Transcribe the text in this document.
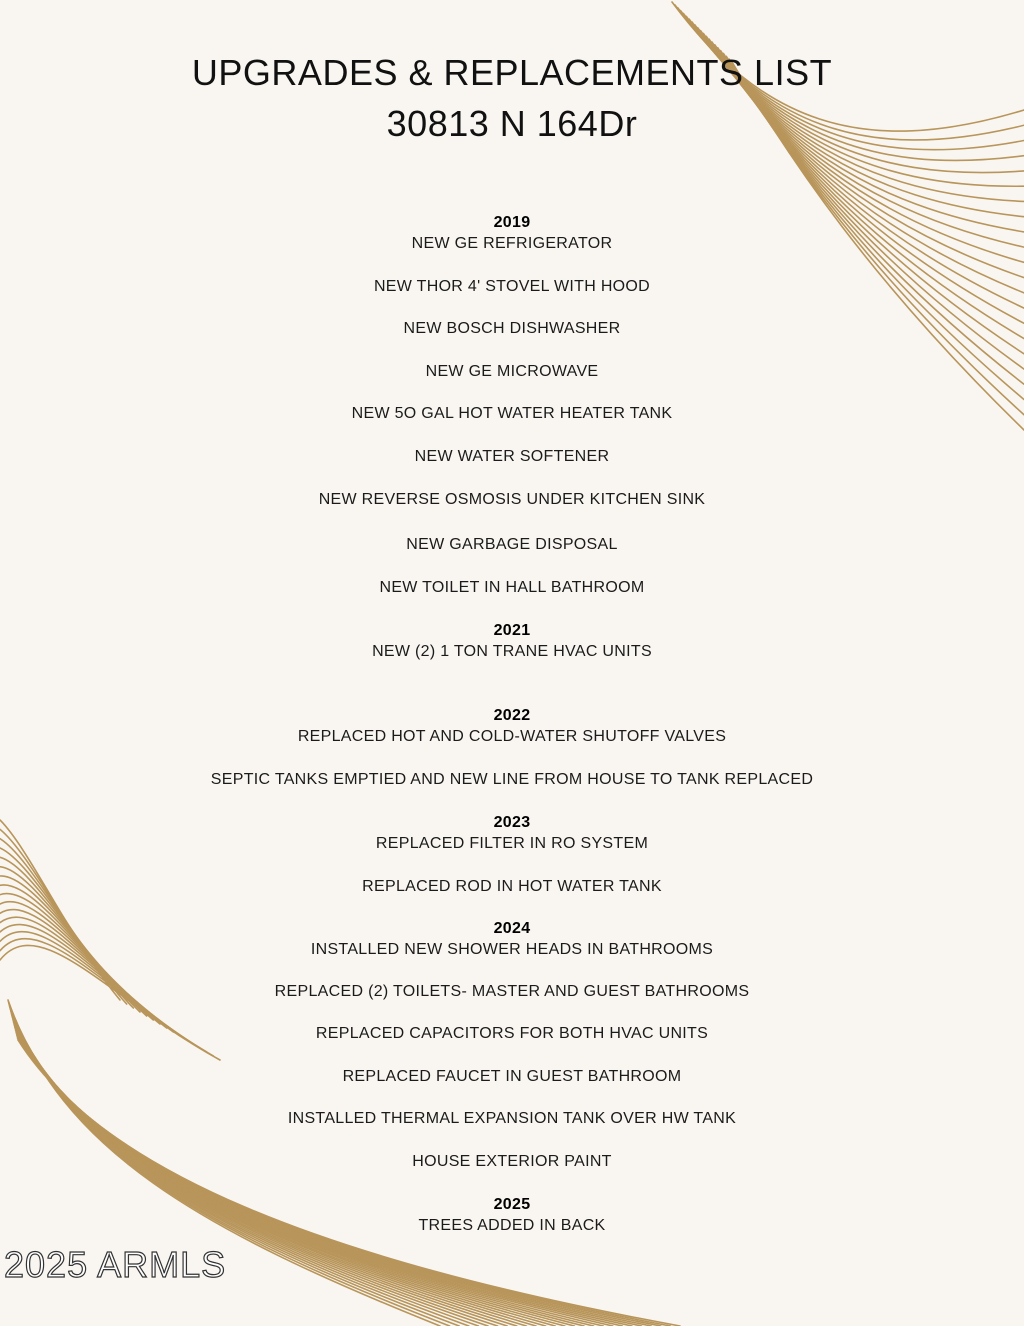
UPGRADES & REPLACEMENTS LIST
30813 N 164Dr
2019
NEW GE REFRIGERATOR
NEW THOR 4' STOVEL WITH HOOD
NEW BOSCH DISHWASHER
NEW GE MICROWAVE
NEW 5O GAL HOT WATER HEATER TANK
NEW WATER SOFTENER
NEW REVERSE OSMOSIS UNDER KITCHEN SINK
NEW GARBAGE DISPOSAL
NEW TOILET IN HALL BATHROOM
2021
NEW (2) 1 TON TRANE HVAC UNITS
2022
REPLACED HOT AND COLD-WATER SHUTOFF VALVES
SEPTIC TANKS EMPTIED AND NEW LINE FROM HOUSE TO TANK REPLACED
2023
REPLACED FILTER IN RO SYSTEM
REPLACED ROD IN HOT WATER TANK
2024
INSTALLED NEW SHOWER HEADS IN BATHROOMS
REPLACED (2) TOILETS- MASTER AND GUEST BATHROOMS
REPLACED CAPACITORS FOR BOTH HVAC UNITS
REPLACED FAUCET IN GUEST BATHROOM
INSTALLED THERMAL EXPANSION TANK OVER HW TANK
HOUSE EXTERIOR PAINT
2025
TREES ADDED IN BACK
2025 ARMLS
